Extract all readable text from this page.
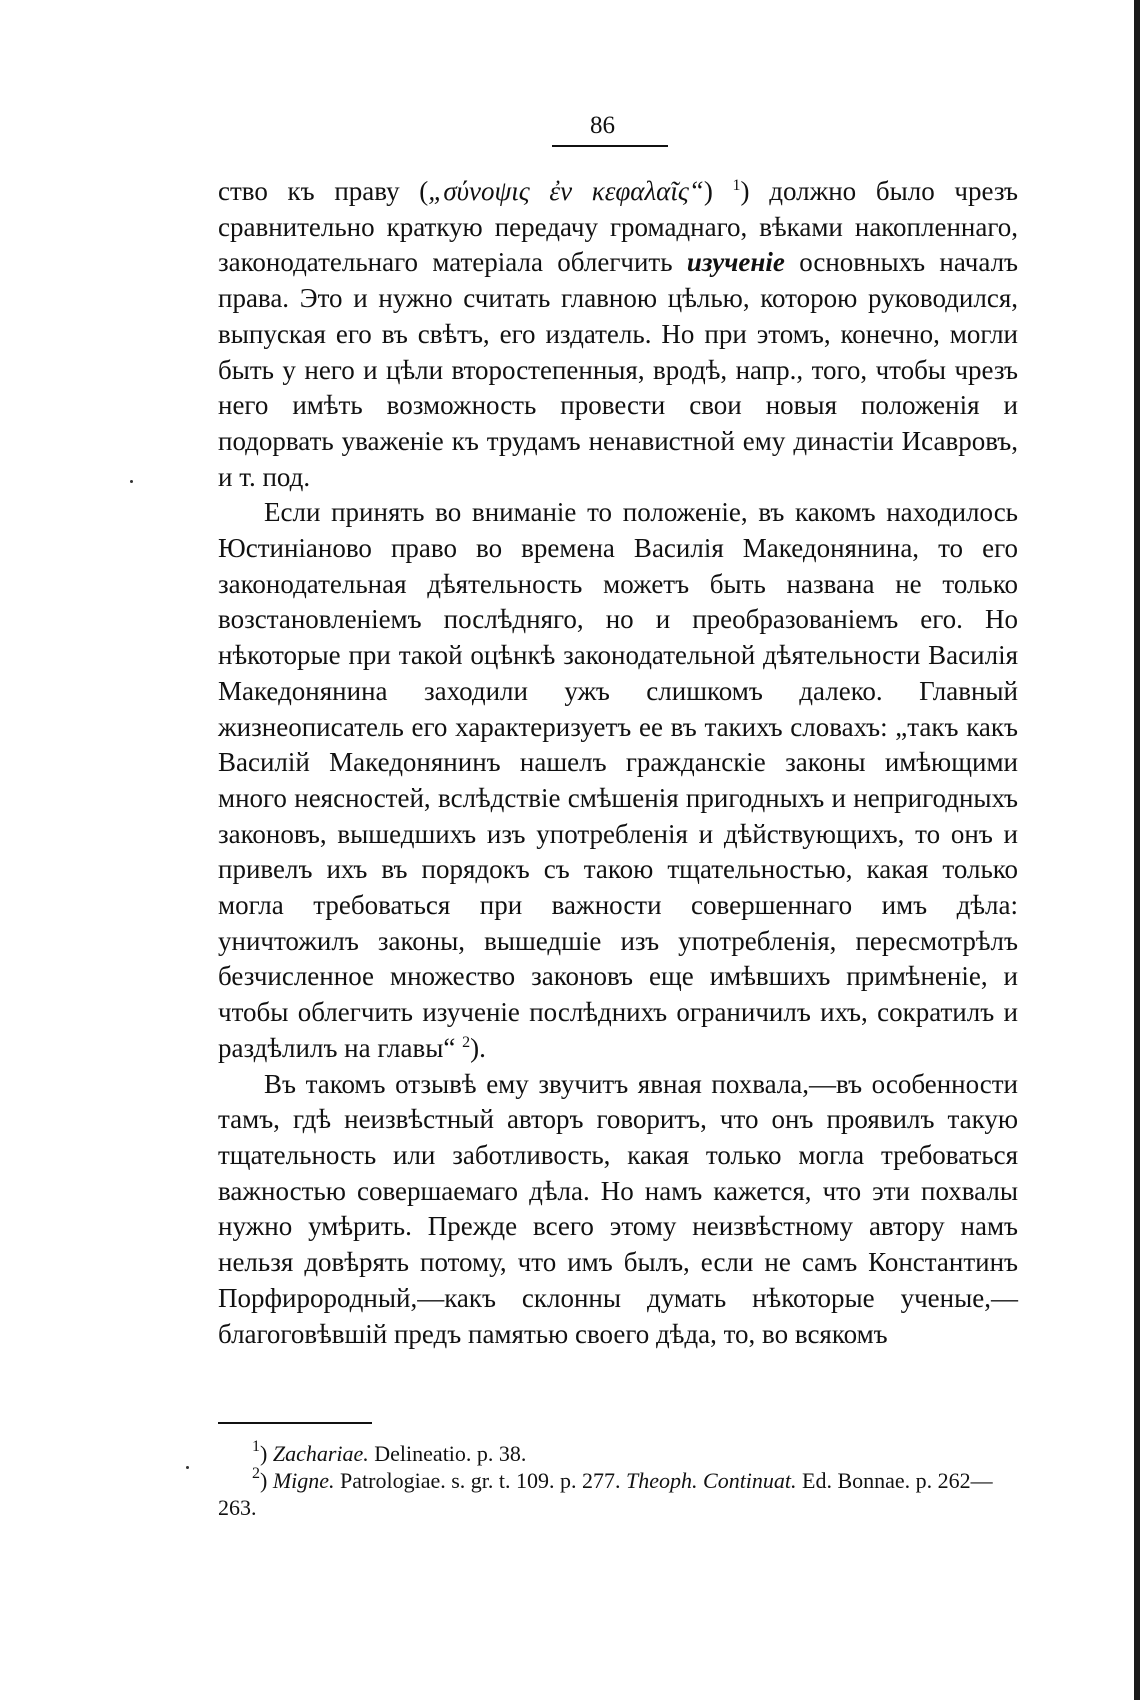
86

ство къ праву („σύνοψις ἐν κεφαλαῖς“) $^1$) должно было чрезъ сравнительно краткую передачу громаднаго, вѣками накопленнаго, законодательнаго матеріала облегчить изученіе основныхъ началъ права. Это и нужно считать главною цѣлью, которою руководился, выпуская его въ свѣтъ, его издатель. Но при этомъ, конечно, могли быть у него и цѣли второстепенныя, вродѣ, напр., того, чтобы чрезъ него имѣть возможность провести свои новыя положенія и подорвать уваженіе къ трудамъ ненавистной ему династіи Исавровъ, и т. под.

Если принять во вниманіе то положеніе, въ какомъ находилось Юстиніаново право во времена Василія Македонянина, то его законодательная дѣятельность можетъ быть названа не только возстановленіемъ послѣдняго, но и преобразованіемъ его. Но нѣкоторые при такой оцѣнкѣ законодательной дѣятельности Василія Македонянина заходили ужъ слишкомъ далеко. Главный жизнеописатель его характеризуетъ ее въ такихъ словахъ: „такъ какъ Василій Македонянинъ нашелъ гражданскіе законы имѣющими много неясностей, вслѣдствіе смѣшенія пригодныхъ и непригодныхъ законовъ, вышедшихъ изъ употребленія и дѣйствующихъ, то онъ и привелъ ихъ въ порядокъ съ такою тщательностью, какая только могла требоваться при важности совершеннаго имъ дѣла: уничтожилъ законы, вышедшіе изъ употребленія, пересмотрѣлъ безчисленное множество законовъ еще имѣвшихъ примѣненіе, и чтобы облегчить изученіе послѣднихъ ограничилъ ихъ, сократилъ и раздѣлилъ на главы“ $^2$).

Въ такомъ отзывѣ ему звучитъ явная похвала,—въ особенности тамъ, гдѣ неизвѣстный авторъ говоритъ, что онъ проявилъ такую тщательность или заботливость, какая только могла требоваться важностью совершаемаго дѣла. Но намъ кажется, что эти похвалы нужно умѣрить. Прежде всего этому неизвѣстному автору намъ нельзя довѣрять потому, что имъ былъ, если не самъ Константинъ Порфирородный,—какъ склонны думать нѣкоторые ученые,— благоговѣвшій предъ памятью своего дѣда, то, во всякомъ

$^1$) Zachariae. Delineatio. p. 38.

$^2$) Migne. Patrologiae. s. gr. t. 109. p. 277. Theoph. Continuat. Ed. Bonnae. p. 262—263.
